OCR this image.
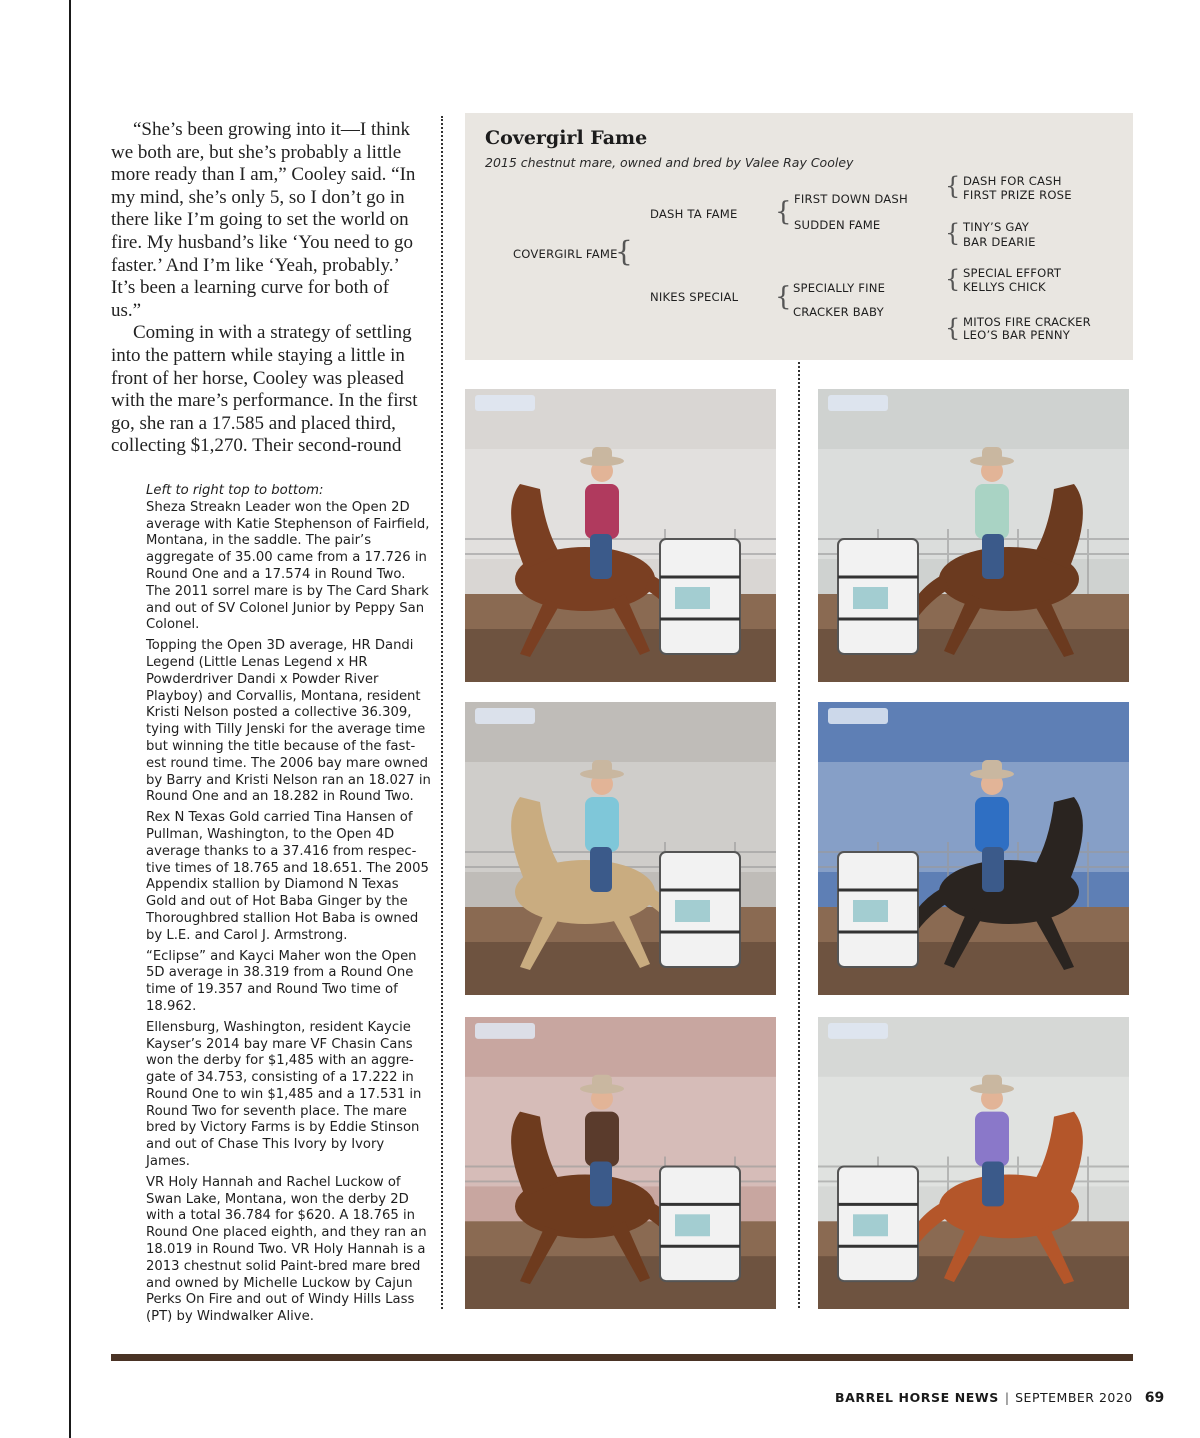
“She’s been growing into it—I think we both are, but she’s probably a little more ready than I am,” Cooley said. “In my mind, she’s only 5, so I don’t go in there like I’m going to set the world on fire. My husband’s like ‘You need to go faster.’ And I’m like ‘Yeah, probably.’ It’s been a learning curve for both of us.”

Coming in with a strategy of settling into the pattern while staying a little in front of her horse, Cooley was pleased with the mare’s performance. In the first go, she ran a 17.585 and placed third, collecting $1,270. Their second-round

Left to right top to bottom:

Sheza Streakn Leader won the Open 2D average with Katie Stephenson of Fairfield, Montana, in the saddle. The pair’s aggregate of 35.00 came from a 17.726 in Round One and a 17.574 in Round Two. The 2011 sorrel mare is by The Card Shark and out of SV Colonel Junior by Peppy San Colonel.

Topping the Open 3D average, HR Dandi Legend (Little Lenas Legend x HR Powderdriver Dandi x Powder River Playboy) and Corvallis, Montana, resident Kristi Nelson posted a collective 36.309, tying with Tilly Jenski for the average time but winning the title because of the fast-est round time. The 2006 bay mare owned by Barry and Kristi Nelson ran an 18.027 in Round One and an 18.282 in Round Two.

Rex N Texas Gold carried Tina Hansen of Pullman, Washington, to the Open 4D average thanks to a 37.416 from respec-tive times of 18.765 and 18.651. The 2005 Appendix stallion by Diamond N Texas Gold and out of Hot Baba Ginger by the Thoroughbred stallion Hot Baba is owned by L.E. and Carol J. Armstrong.

“Eclipse” and Kayci Maher won the Open 5D average in 38.319 from a Round One time of 19.357 and Round Two time of 18.962.

Ellensburg, Washington, resident Kaycie Kayser’s 2014 bay mare VF Chasin Cans won the derby for $1,485 with an aggre-gate of 34.753, consisting of a 17.222 in Round One to win $1,485 and a 17.531 in Round Two for seventh place. The mare bred by Victory Farms is by Eddie Stinson and out of Chase This Ivory by Ivory James.

VR Holy Hannah and Rachel Luckow of Swan Lake, Montana, won the derby 2D with a total 36.784 for $620. A 18.765 in Round One placed eighth, and they ran an 18.019 in Round Two. VR Holy Hannah is a 2013 chestnut solid Paint-bred mare bred and owned by Michelle Luckow by Cajun Perks On Fire and out of Windy Hills Lass (PT) by Windwalker Alive.

Covergirl Fame
2015 chestnut mare, owned and bred by Valee Ray Cooley
COVERGIRL FAME
{
DASH TA FAME
NIKES SPECIAL
{ FIRST DOWN DASH
SUDDEN FAME
{ SPECIALLY FINE
CRACKER BABY
{ DASH FOR CASH
FIRST PRIZE ROSE
{ TINY’S GAY
BAR DEARIE
{ SPECIAL EFFORT
KELLYS CHICK
{ MITOS FIRE CRACKER
LEO’S BAR PENNY
BARREL HORSE NEWS | SEPTEMBER 2020 69
